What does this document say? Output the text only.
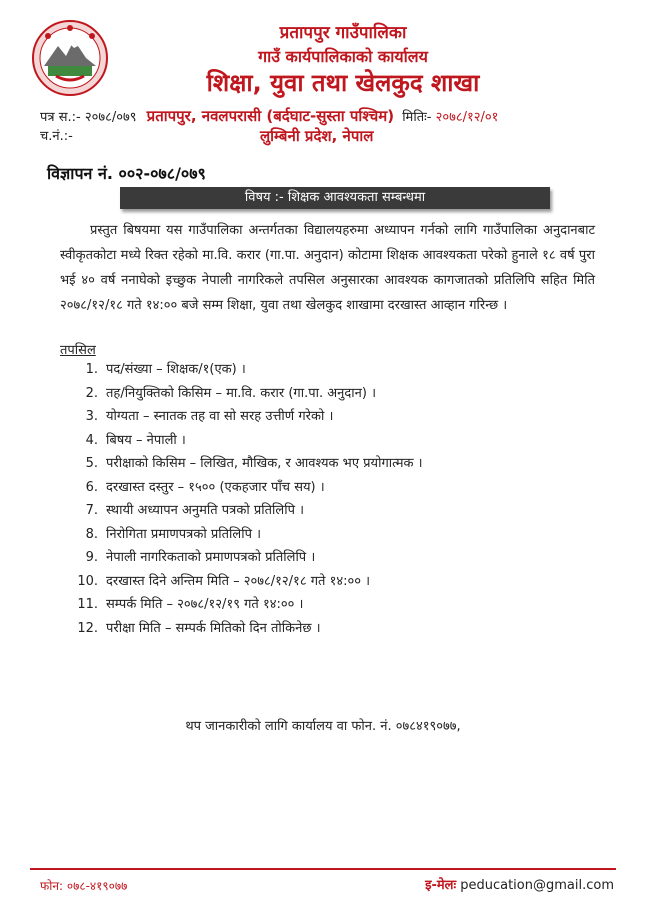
प्रतापपुर गाउँपालिका
गाउँ कार्यपालिकाको कार्यालय
शिक्षा, युवा तथा खेलकुद शाखा
पत्र स.:- २०७८/०७९ प्रतापपुर, नवलपरासी (बर्दघाट-सुस्ता पश्चिम) मितिः- २०७८/१२/०१
च.नं.:-	लुम्बिनी प्रदेश, नेपाल
विज्ञापन नं. ००२-०७८/०७९
विषय :- शिक्षक आवश्यकता सम्बन्धमा
प्रस्तुत बिषयमा यस गाउँपालिका अन्तर्गतका विद्यालयहरुमा अध्यापन गर्नको लागि गाउँपालिका अनुदानबाट स्वीकृतकोटा मध्ये रिक्त रहेको मा.वि. करार (गा.पा. अनुदान) कोटामा शिक्षक आवश्यकता परेको हुनाले १८ वर्ष पुरा भई ४० वर्ष ननाघेको इच्छुक नेपाली नागरिकले तपसिल अनुसारका आवश्यक कागजातको प्रतिलिपि सहित मिति २०७८/१२/१८ गते १४:०० बजे सम्म शिक्षा, युवा तथा खेलकुद शाखामा दरखास्त आव्हान गरिन्छ ।
तपसिल
1. पद/संख्या – शिक्षक/१(एक) ।
2. तह/नियुक्तिको किसिम – मा.वि. करार (गा.पा. अनुदान) ।
3. योग्यता – स्नातक तह वा सो सरह उत्तीर्ण गरेको ।
4. बिषय – नेपाली ।
5. परीक्षाको किसिम – लिखित, मौखिक, र आवश्यक भए प्रयोगात्मक ।
6. दरखास्त दस्तुर – १५०० (एकहजार पाँच सय) ।
7. स्थायी अध्यापन अनुमति पत्रको प्रतिलिपि ।
8. निरोगिता प्रमाणपत्रको प्रतिलिपि ।
9. नेपाली नागरिकताको प्रमाणपत्रको प्रतिलिपि ।
10. दरखास्त दिने अन्तिम मिति – २०७८/१२/१८ गते १४:०० ।
11. सम्पर्क मिति – २०७८/१२/१९ गते १४:०० ।
12. परीक्षा मिति – सम्पर्क मितिको दिन तोकिनेछ ।
थप जानकारीको लागि कार्यालय वा फोन. नं. ०७८४१९०७७,
फोन: ०७८-४१९०७७	इ-मेलः peducation@gmail.com
